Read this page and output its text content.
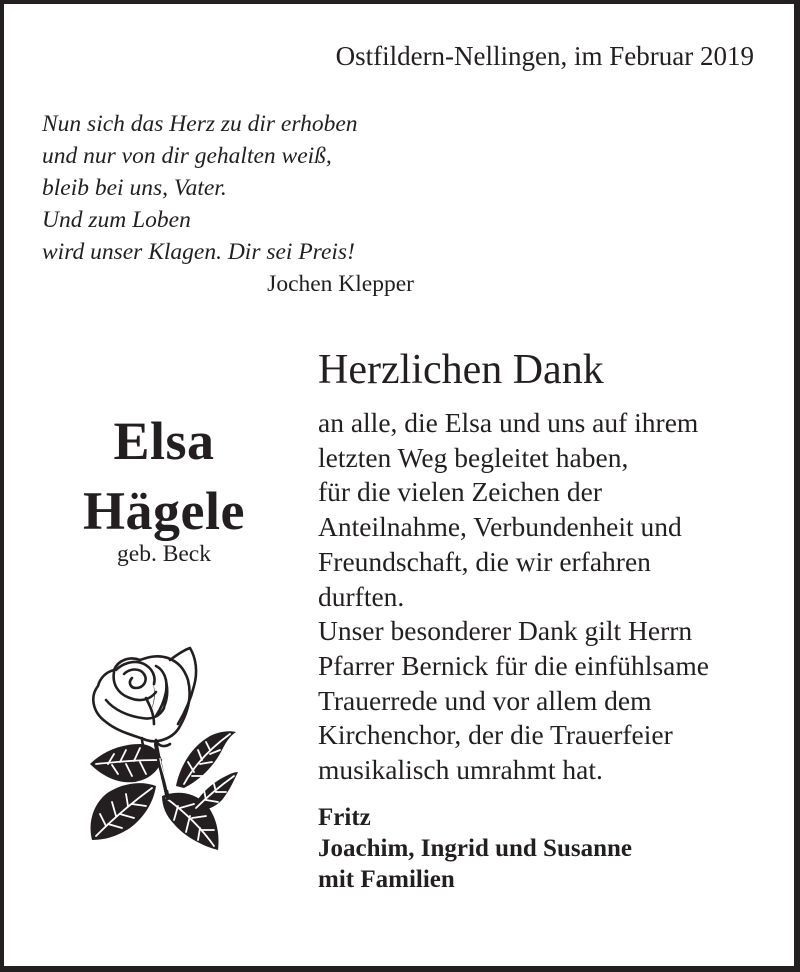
Ostfildern-Nellingen, im Februar 2019
Nun sich das Herz zu dir erhoben
und nur von dir gehalten weiß,
bleib bei uns, Vater.
Und zum Loben
wird unser Klagen. Dir sei Preis!
Jochen Klepper
Elsa
Hägele
geb. Beck
Herzlichen Dank
an alle, die Elsa und uns auf ihrem
letzten Weg begleitet haben,
für die vielen Zeichen der
Anteilnahme, Verbundenheit und
Freundschaft, die wir erfahren
durften.
Unser besonderer Dank gilt Herrn
Pfarrer Bernick für die einfühlsame
Trauerrede und vor allem dem
Kirchenchor, der die Trauerfeier
musikalisch umrahmt hat.
Fritz
Joachim, Ingrid und Susanne
mit Familien
